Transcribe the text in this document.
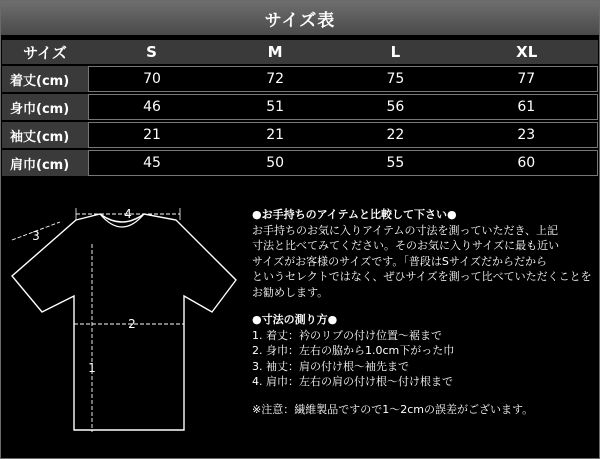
サイズ表
サイズ	S	M	L	XL
着丈(cm)	70	72	75	77
身巾(cm)	46	51	56	61
袖丈(cm)	21	21	22	23
肩巾(cm)	45	50	55	60
4
3
2
1

●お手持ちのアイテムと比較して下さい●

お手持ちのお気に入りアイテムの寸法を測っていただき、上記

寸法と比べてみてください。そのお気に入りサイズに最も近い

サイズがお客様のサイズです。「普段はSサイズだからだから

というセレクトではなく、ぜひサイズを測って比べていただくことを

お勧めします。

●寸法の測り方●

1. 着丈：衿のリブの付け位置～裾まで
2. 身巾：左右の脇から1.0cm下がった巾
3. 袖丈：肩の付け根～袖先まで
4. 肩巾：左右の肩の付け根～付け根まで

※注意：繊維製品ですので1～2cmの誤差がございます。
